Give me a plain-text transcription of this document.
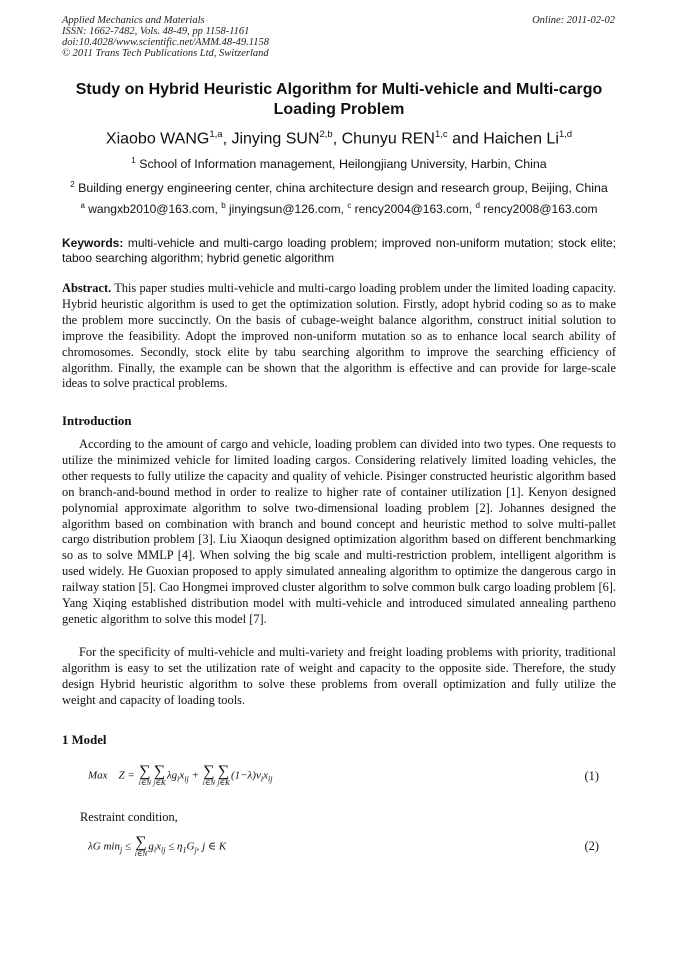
Applied Mechanics and Materials
ISSN: 1662-7482, Vols. 48-49, pp 1158-1161
doi:10.4028/www.scientific.net/AMM.48-49.1158
© 2011 Trans Tech Publications Ltd, Switzerland
Online: 2011-02-02
Study on Hybrid Heuristic Algorithm for Multi-vehicle and Multi-cargo Loading Problem
Xiaobo WANG$^{1,a}$, Jinying SUN$^{2,b}$, Chunyu REN$^{1,c}$ and Haichen Li$^{1,d}$
$^1$ School of Information management, Heilongjiang University, Harbin, China
$^2$ Building energy engineering center, china architecture design and research group, Beijing, China
$^a$ wangxb2010@163.com, $^b$ jinyingsun@126.com, $^c$ rency2004@163.com, $^d$ rency2008@163.com
Keywords: multi-vehicle and multi-cargo loading problem; improved non-uniform mutation; stock elite; taboo searching algorithm; hybrid genetic algorithm
Abstract. This paper studies multi-vehicle and multi-cargo loading problem under the limited loading capacity. Hybrid heuristic algorithm is used to get the optimization solution. Firstly, adopt hybrid coding so as to make the problem more succinctly. On the basis of cubage-weight balance algorithm, construct initial solution to improve the feasibility. Adopt the improved non-uniform mutation so as to enhance local search ability of chromosomes. Secondly, stock elite by tabu searching algorithm to improve the searching efficiency of algorithm. Finally, the example can be shown that the algorithm is effective and can provide for large-scale ideas to solve practical problems.
Introduction
According to the amount of cargo and vehicle, loading problem can divided into two types. One requests to utilize the minimized vehicle for limited loading cargos. Considering relatively limited loading vehicles, the other requests to fully utilize the capacity and quality of vehicle. Pisinger constructed heuristic algorithm based on branch-and-bound method in order to realize to higher rate of container utilization [1]. Kenyon designed polynomial approximate algorithm to solve two-dimensional loading problem [2]. Johannes designed the algorithm based on combination with branch and bound concept and heuristic method to solve multi-pallet cargo distribution problem [3]. Liu Xiaoqun designed optimization algorithm based on different benchmarking so as to solve MMLP [4]. When solving the big scale and multi-restriction problem, intelligent algorithm is used widely. He Guoxian proposed to apply simulated annealing algorithm to optimize the dangerous cargo in railway station [5]. Cao Hongmei improved cluster algorithm to solve common bulk cargo loading problem [6]. Yang Xiqing established distribution model with multi-vehicle and introduced simulated annealing partheno genetic algorithm to solve this model [7].
For the specificity of multi-vehicle and multi-variety and freight loading problems with priority, traditional algorithm is easy to set the utilization rate of weight and capacity to the opposite side. Therefore, the study design Hybrid heuristic algorithm to solve these problems from overall optimization and fully utilize the weight and capacity of loading tools.
1 Model
Max Z = ∑
i∈N
∑
j∈K
$\lambda g_ix_{ij}$ + ∑
i∈N
∑
j∈K
$(1-\lambda)v_ix_{ij}$	(1)
Restraint condition,
λG $\min_j$ ≤ ∑
i∈N
$g_ix_{ij} \le \eta_1G_j$, j ∈ K	(2)
